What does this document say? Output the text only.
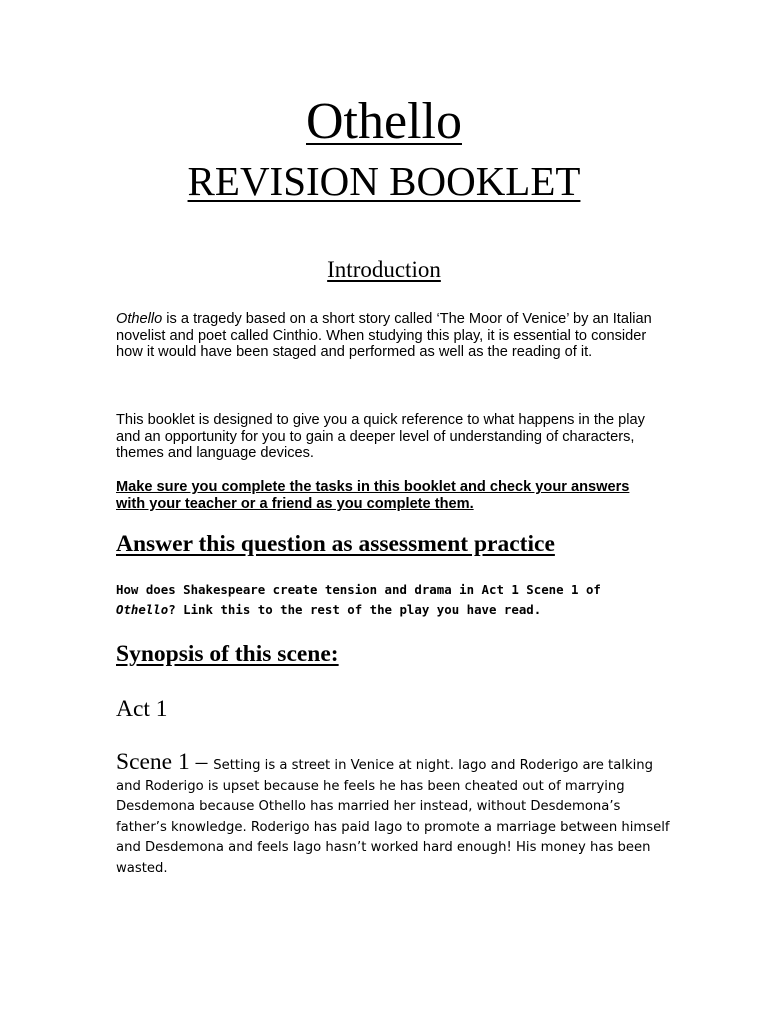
Othello
REVISION BOOKLET
Introduction
Othello is a tragedy based on a short story called ‘The Moor of Venice’ by an Italian novelist and poet called Cinthio. When studying this play, it is essential to consider how it would have been staged and performed as well as the reading of it.
This booklet is designed to give you a quick reference to what happens in the play and an opportunity for you to gain a deeper level of understanding of characters, themes and language devices.
Make sure you complete the tasks in this booklet and check your answers with your teacher or a friend as you complete them.
Answer this question as assessment practice
How does Shakespeare create tension and drama in Act 1 Scene 1 of Othello? Link this to the rest of the play you have read.
Synopsis of this scene:
Act 1
Scene 1 – Setting is a street in Venice at night. Iago and Roderigo are talking and Roderigo is upset because he feels he has been cheated out of marrying Desdemona because Othello has married her instead, without Desdemona’s father’s knowledge. Roderigo has paid Iago to promote a marriage between himself and Desdemona and feels Iago hasn’t worked hard enough! His money has been wasted.
